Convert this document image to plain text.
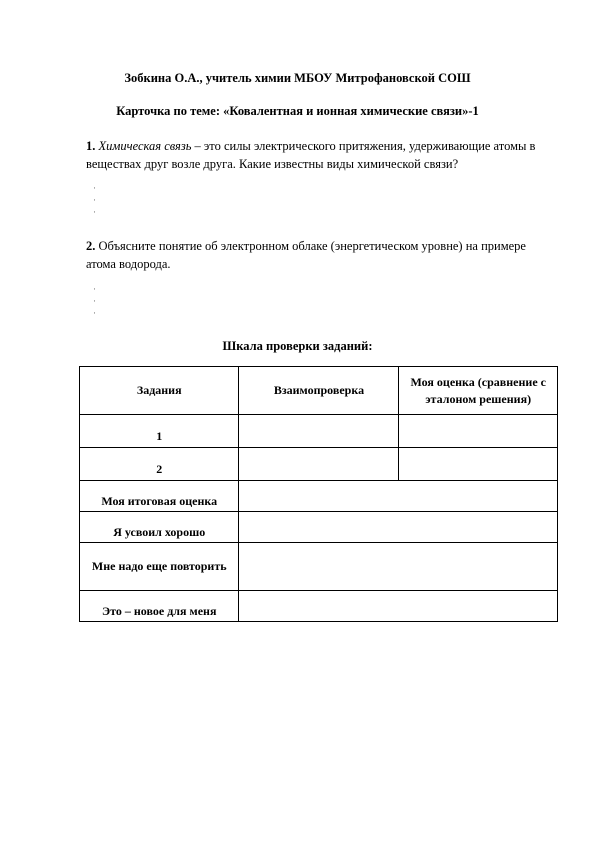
Зобкина О.А., учитель химии МБОУ Митрофановской СОШ
Карточка по теме: «Ковалентная и ионная химические связи»-1
1. Химическая связь – это силы электрического притяжения, удерживающие атомы в веществах друг возле друга. Какие известны виды химической связи?
·
·
·
2. Объясните понятие об электронном облаке (энергетическом уровне) на примере атома водорода.
·
·
·
Шкала проверки заданий:
Задания	Взаимопроверка	Моя оценка (сравнение с эталоном решения)
1		
2		
Моя итоговая оценка		
Я усвоил хорошо		
Мне надо еще повторить		
Это – новое для меня		
